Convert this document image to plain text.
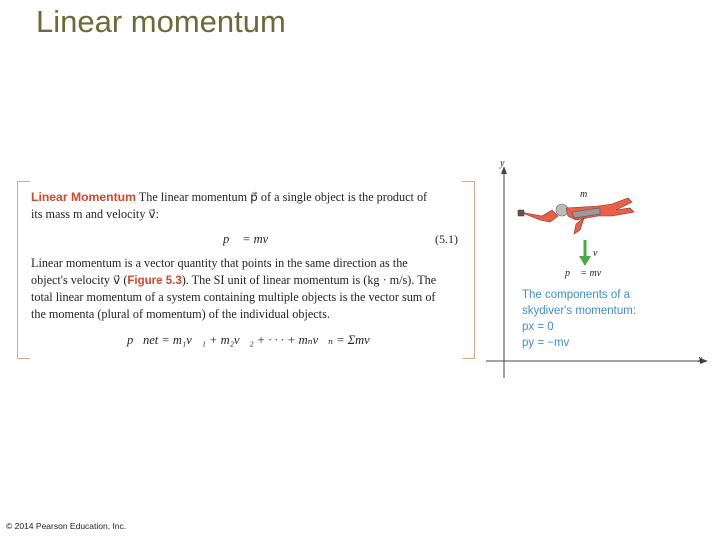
Linear momentum
Linear Momentum The linear momentum p⃗ of a single object is the product of
its mass m and velocity v⃗:
p⃗ = mv⃗	(5.1)
Linear momentum is a vector quantity that points in the same direction as the
object's velocity v⃗ (Figure 5.3). The SI unit of linear momentum is (kg · m/s). The
total linear momentum of a system containing multiple objects is the vector sum of
the momenta (plural of momentum) of the individual objects.
p⃗net = m₁v⃗₁ + m₂v⃗₂ + · · · + mₙv⃗ₙ = Σmv⃗
y
x
m
v⃗
p⃗ = mv⃗
The components of a
skydiver's momentum:
px = 0
py = −mv
© 2014 Pearson Education, Inc.
